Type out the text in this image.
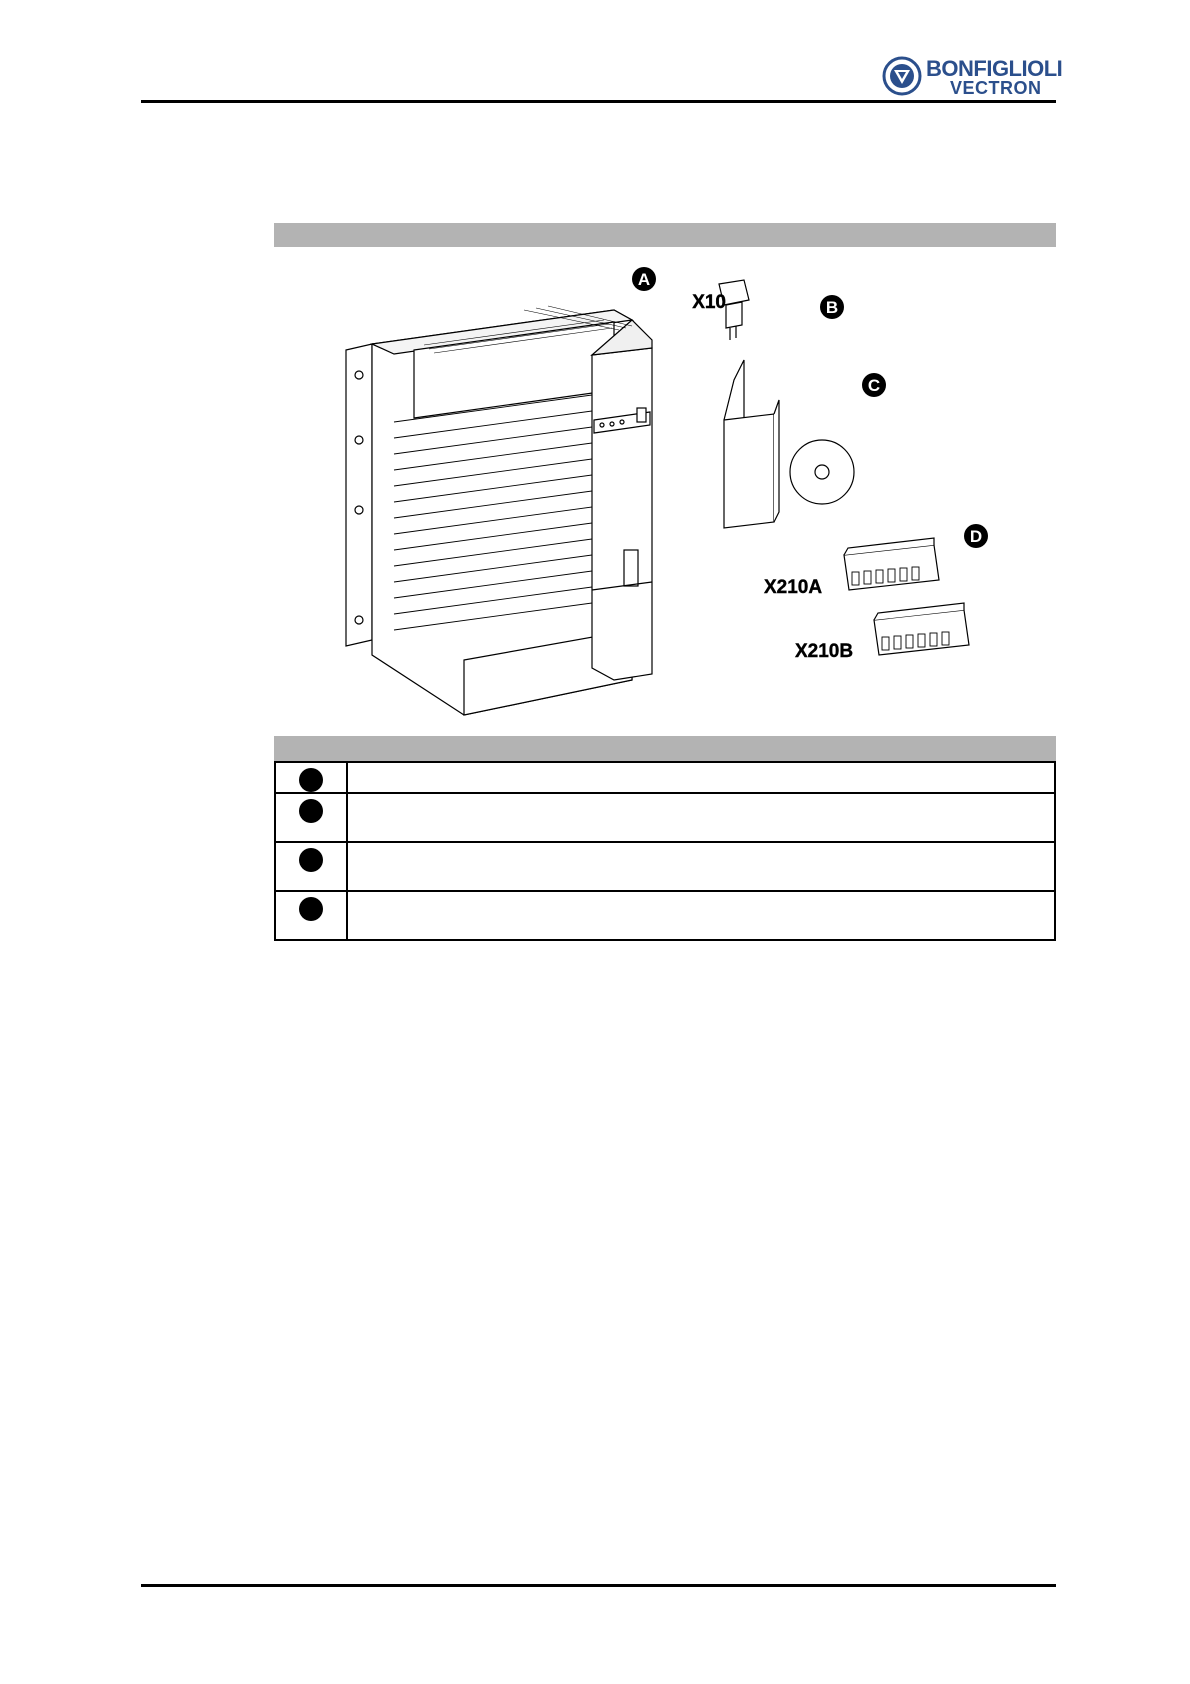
BONFIGLIOLI
VECTRON
A
B
C
D
X10
X210A
X210B
